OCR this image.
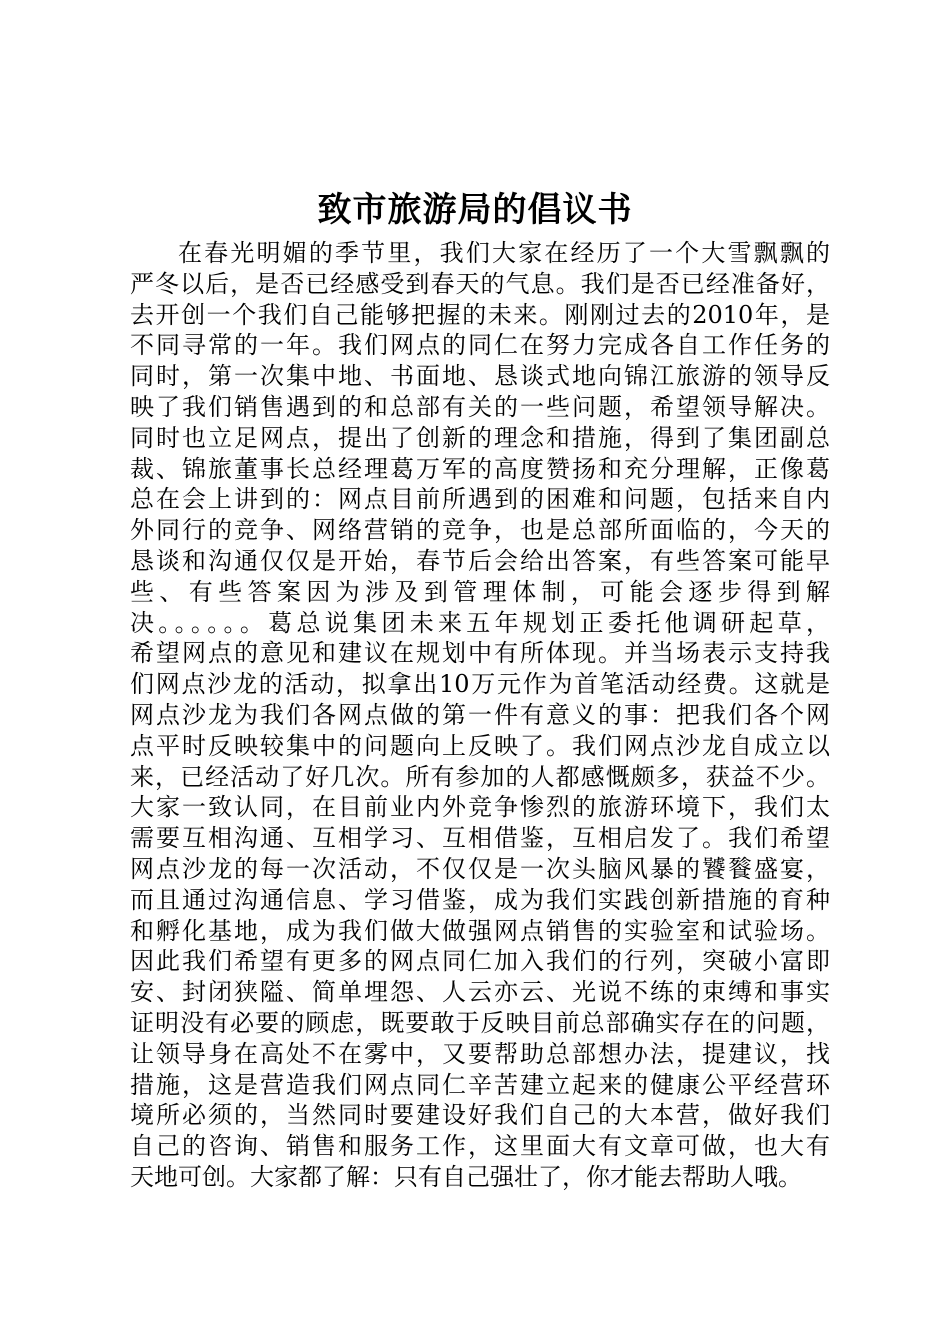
致市旅游局的倡议书
在春光明媚的季节里，我们大家在经历了一个大雪飘飘的
严冬以后，是否已经感受到春天的气息。我们是否已经准备好，
去开创一个我们自己能够把握的未来。刚刚过去的2010年，是
不同寻常的一年。我们网点的同仁在努力完成各自工作任务的
同时，第一次集中地、书面地、恳谈式地向锦江旅游的领导反
映了我们销售遇到的和总部有关的一些问题，希望领导解决。
同时也立足网点，提出了创新的理念和措施，得到了集团副总
裁、锦旅董事长总经理葛万军的高度赞扬和充分理解，正像葛
总在会上讲到的：网点目前所遇到的困难和问题，包括来自内
外同行的竞争、网络营销的竞争，也是总部所面临的，今天的
恳谈和沟通仅仅是开始，春节后会给出答案，有些答案可能早
些、有些答案因为涉及到管理体制，可能会逐步得到解
决。。。。。。葛总说集团未来五年规划正委托他调研起草，
希望网点的意见和建议在规划中有所体现。并当场表示支持我
们网点沙龙的活动，拟拿出10万元作为首笔活动经费。这就是
网点沙龙为我们各网点做的第一件有意义的事：把我们各个网
点平时反映较集中的问题向上反映了。我们网点沙龙自成立以
来，已经活动了好几次。所有参加的人都感慨颇多，获益不少。
大家一致认同，在目前业内外竞争惨烈的旅游环境下，我们太
需要互相沟通、互相学习、互相借鉴，互相启发了。我们希望
网点沙龙的每一次活动，不仅仅是一次头脑风暴的饕餮盛宴，
而且通过沟通信息、学习借鉴，成为我们实践创新措施的育种
和孵化基地，成为我们做大做强网点销售的实验室和试验场。
因此我们希望有更多的网点同仁加入我们的行列，突破小富即
安、封闭狭隘、简单埋怨、人云亦云、光说不练的束缚和事实
证明没有必要的顾虑，既要敢于反映目前总部确实存在的问题，
让领导身在高处不在雾中，又要帮助总部想办法，提建议，找
措施，这是营造我们网点同仁辛苦建立起来的健康公平经营环
境所必须的，当然同时要建设好我们自己的大本营，做好我们
自己的咨询、销售和服务工作，这里面大有文章可做，也大有
天地可创。大家都了解：只有自己强壮了，你才能去帮助人哦。
